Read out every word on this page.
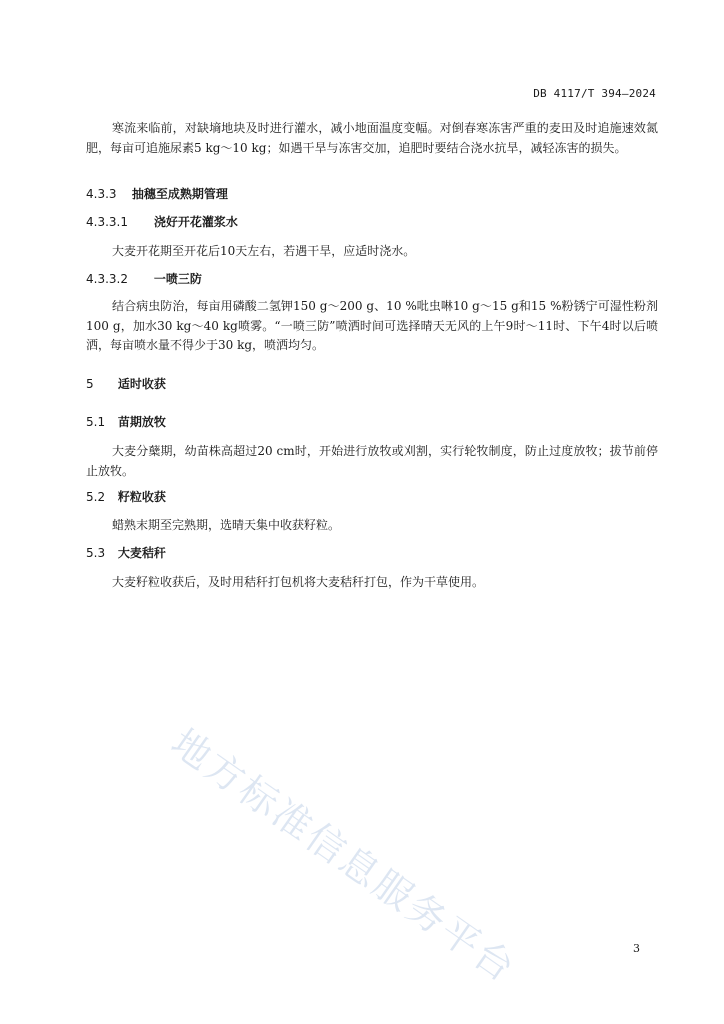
DB 4117/T 394—2024

寒流来临前，对缺墒地块及时进行灌水，减小地面温度变幅。对倒春寒冻害严重的麦田及时追施速效氮肥，每亩可追施尿素5 kg～10 kg；如遇干旱与冻害交加，追肥时要结合浇水抗旱，减轻冻害的损失。

4.3.3 抽穗至成熟期管理
4.3.3.1 浇好开花灌浆水

大麦开花期至开花后10天左右，若遇干旱，应适时浇水。

4.3.3.2 一喷三防

结合病虫防治，每亩用磷酸二氢钾150 g～200 g、10 %吡虫啉10 g～15 g和15 %粉锈宁可湿性粉剂100 g，加水30 kg～40 kg喷雾。“一喷三防”喷洒时间可选择晴天无风的上午9时～11时、下午4时以后喷洒，每亩喷水量不得少于30 kg，喷洒均匀。

5 适时收获
5.1 苗期放牧

大麦分蘖期，幼苗株高超过20 cm时，开始进行放牧或刈割，实行轮牧制度，防止过度放牧；拔节前停止放牧。

5.2 籽粒收获

蜡熟末期至完熟期，选晴天集中收获籽粒。

5.3 大麦秸秆

大麦籽粒收获后，及时用秸秆打包机将大麦秸秆打包，作为干草使用。

地方标准信息服务平台	3
